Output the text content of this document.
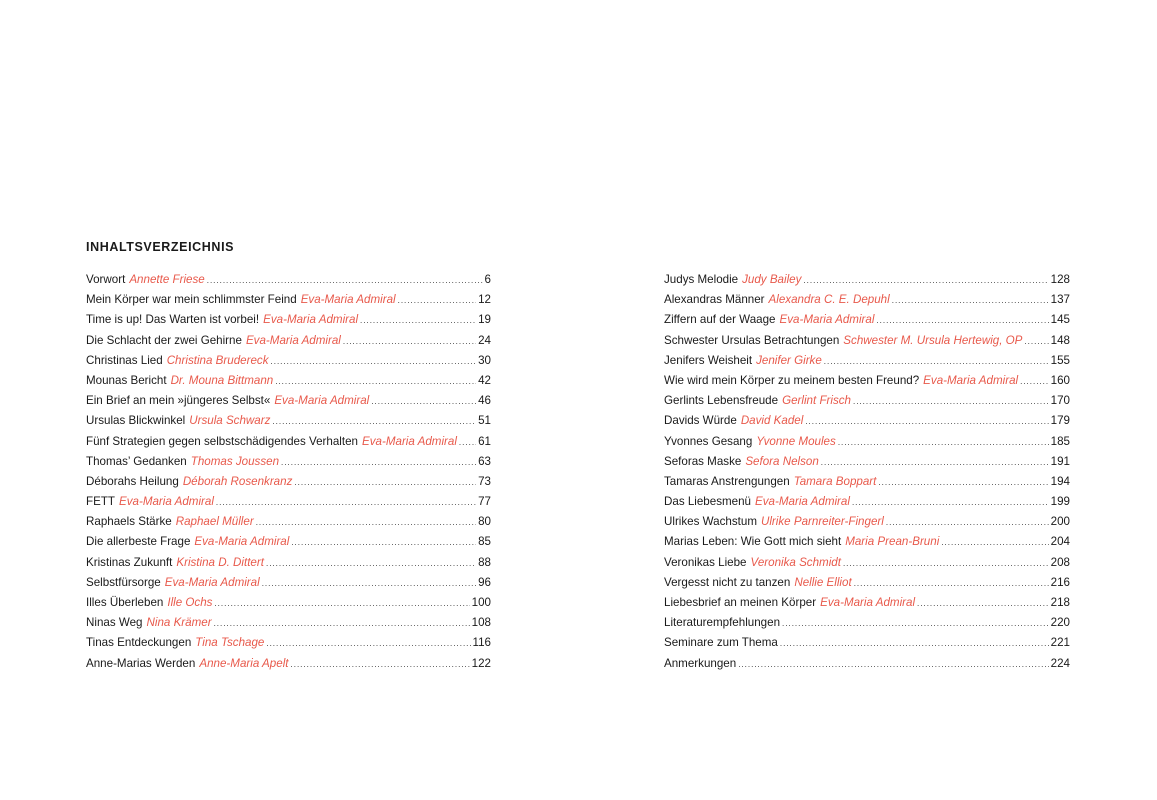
INHALTSVERZEICHNIS
Vorwort Annette Friese .....	6
Mein Körper war mein schlimmster Feind Eva-Maria Admiral .....	12
Time is up! Das Warten ist vorbei! Eva-Maria Admiral .....	19
Die Schlacht der zwei Gehirne Eva-Maria Admiral .....	24
Christinas Lied Christina Brudereck .....	30
Mounas Bericht Dr. Mouna Bittmann .....	42
Ein Brief an mein »jüngeres Selbst« Eva-Maria Admiral .....	46
Ursulas Blickwinkel Ursula Schwarz .....	51
Fünf Strategien gegen selbstschädigendes Verhalten Eva-Maria Admiral ..... 61
Thomas’ Gedanken Thomas Joussen .....	63
Déborahs Heilung Déborah Rosenkranz .....	73
FETT Eva-Maria Admiral .....	77
Raphaels Stärke Raphael Müller .....	80
Die allerbeste Frage Eva-Maria Admiral .....	85
Kristinas Zukunft Kristina D. Dittert .....	88
Selbstfürsorge Eva-Maria Admiral .....	96
Illes Überleben Ille Ochs .....	100
Ninas Weg Nina Krämer .....	108
Tinas Entdeckungen Tina Tschage .....	116
Anne-Marias Werden Anne-Maria Apelt .....	122
Judys Melodie Judy Bailey .....	128
Alexandras Männer Alexandra C. E. Depuhl .....	137
Ziffern auf der Waage Eva-Maria Admiral .....	145
Schwester Ursulas Betrachtungen Schwester M. Ursula Hertewig, OP ..... 148
Jenifers Weisheit Jenifer Girke .....	155
Wie wird mein Körper zu meinem besten Freund? Eva-Maria Admiral .....	160
Gerlints Lebensfreude Gerlint Frisch .....	170
Davids Würde David Kadel .....	179
Yvonnes Gesang Yvonne Moules .....	185
Seforas Maske Sefora Nelson .....	191
Tamaras Anstrengungen Tamara Boppart .....	194
Das Liebesmenü Eva-Maria Admiral .....	199
Ulrikes Wachstum Ulrike Parnreiter-Fingerl .....	200
Marias Leben: Wie Gott mich sieht Maria Prean-Bruni .....	204
Veronikas Liebe Veronika Schmidt .....	208
Vergesst nicht zu tanzen Nellie Elliot .....	216
Liebesbrief an meinen Körper Eva-Maria Admiral .....	218
Literaturempfehlungen .....	220
Seminare zum Thema .....	221
Anmerkungen .....	224
